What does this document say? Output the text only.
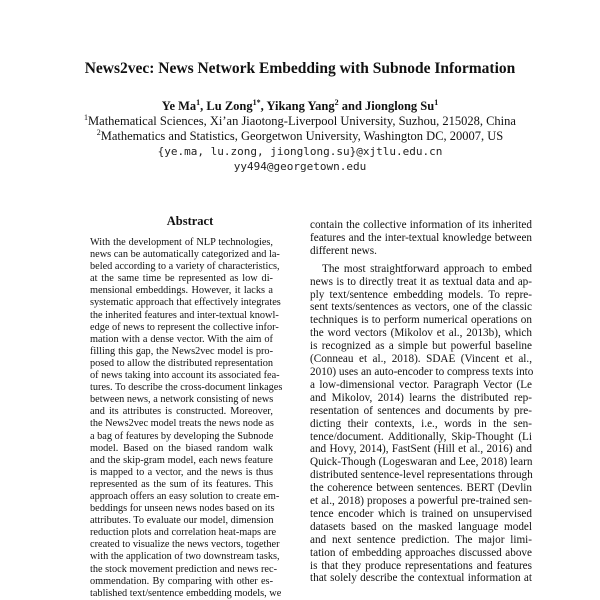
News2vec: News Network Embedding with Subnode Information
Ye Ma$^1$, Lu Zong$^{1*}$, Yikang Yang$^2$ and Jionglong Su$^1$
$^1$Mathematical Sciences, Xi’an Jiaotong-Liverpool University, Suzhou, 215028, China
$^2$Mathematics and Statistics, Georgetwon University, Washington DC, 20007, US
{ye.ma, lu.zong, jionglong.su}@xjtlu.edu.cn
yy494@georgetown.edu
Abstract
With the development of NLP technologies,
news can be automatically categorized and la-
beled according to a variety of characteristics,
at the same time be represented as low di-
mensional embeddings. However, it lacks a
systematic approach that effectively integrates
the inherited features and inter-textual knowl-
edge of news to represent the collective infor-
mation with a dense vector. With the aim of
filling this gap, the News2vec model is pro-
posed to allow the distributed representation
of news taking into account its associated fea-
tures. To describe the cross-document linkages
between news, a network consisting of news
and its attributes is constructed. Moreover,
the News2vec model treats the news node as
a bag of features by developing the Subnode
model. Based on the biased random walk
and the skip-gram model, each news feature
is mapped to a vector, and the news is thus
represented as the sum of its features. This
approach offers an easy solution to create em-
beddings for unseen news nodes based on its
attributes. To evaluate our model, dimension
reduction plots and correlation heat-maps are
created to visualize the news vectors, together
with the application of two downstream tasks,
the stock movement prediction and news rec-
ommendation. By comparing with other es-
tablished text/sentence embedding models, we
contain the collective information of its inherited
features and the inter-textual knowledge between
different news.
The most straightforward approach to embed
news is to directly treat it as textual data and ap-
ply text/sentence embedding models. To repre-
sent texts/sentences as vectors, one of the classic
techniques is to perform numerical operations on
the word vectors (Mikolov et al., 2013b), which
is recognized as a simple but powerful baseline
(Conneau et al., 2018). SDAE (Vincent et al.,
2010) uses an auto-encoder to compress texts into
a low-dimensional vector. Paragraph Vector (Le
and Mikolov, 2014) learns the distributed rep-
resentation of sentences and documents by pre-
dicting their contexts, i.e., words in the sen-
tence/document. Additionally, Skip-Thought (Li
and Hovy, 2014), FastSent (Hill et al., 2016) and
Quick-Though (Logeswaran and Lee, 2018) learn
distributed sentence-level representations through
the coherence between sentences. BERT (Devlin
et al., 2018) proposes a powerful pre-trained sen-
tence encoder which is trained on unsupervised
datasets based on the masked language model
and next sentence prediction. The major limi-
tation of embedding approaches discussed above
is that they produce representations and features
that solely describe the contextual information at
